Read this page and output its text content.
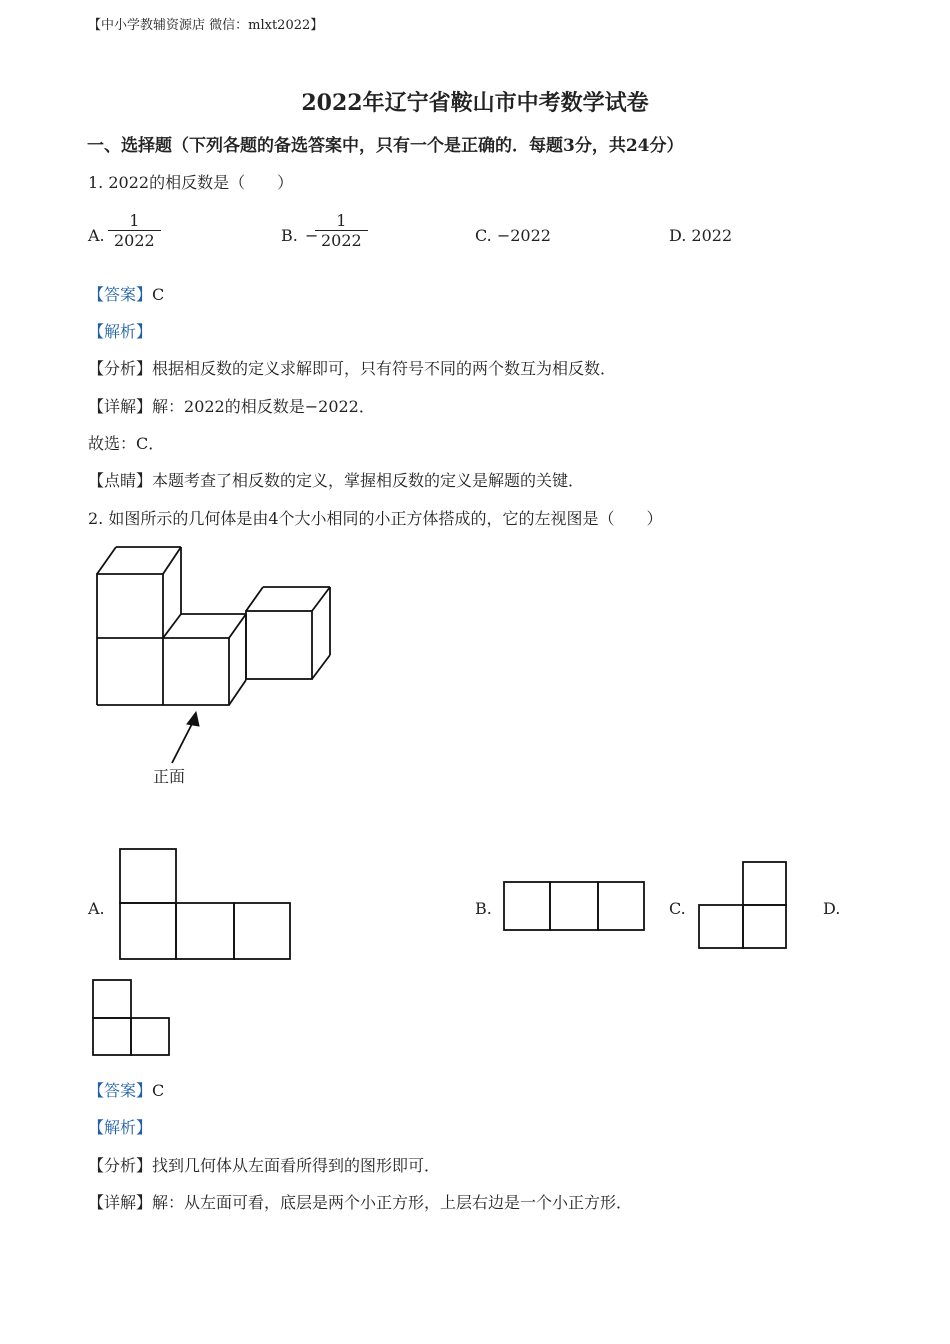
【中小学教辅资源店 微信：mlxt2022】
2022年辽宁省鞍山市中考数学试卷
一、选择题（下列各题的备选答案中，只有一个是正确的．每题3分，共24分）
1. 2022的相反数是（　　）
A. $\frac{1}{2022}$	B. −
$\frac{1}{2022}$	C. −2022	D. 2022
【答案】C
【解析】
【分析】根据相反数的定义求解即可，只有符号不同的两个数互为相反数．
【详解】解：2022的相反数是−2022．
故选：C．
【点睛】本题考查了相反数的定义，掌握相反数的定义是解题的关键．
2. 如图所示的几何体是由4个大小相同的小正方体搭成的，它的左视图是（　　）
正面
A.	B.	C.	D.
【答案】C
【解析】
【分析】找到几何体从左面看所得到的图形即可．
【详解】解：从左面可看，底层是两个小正方形，上层右边是一个小正方形．
